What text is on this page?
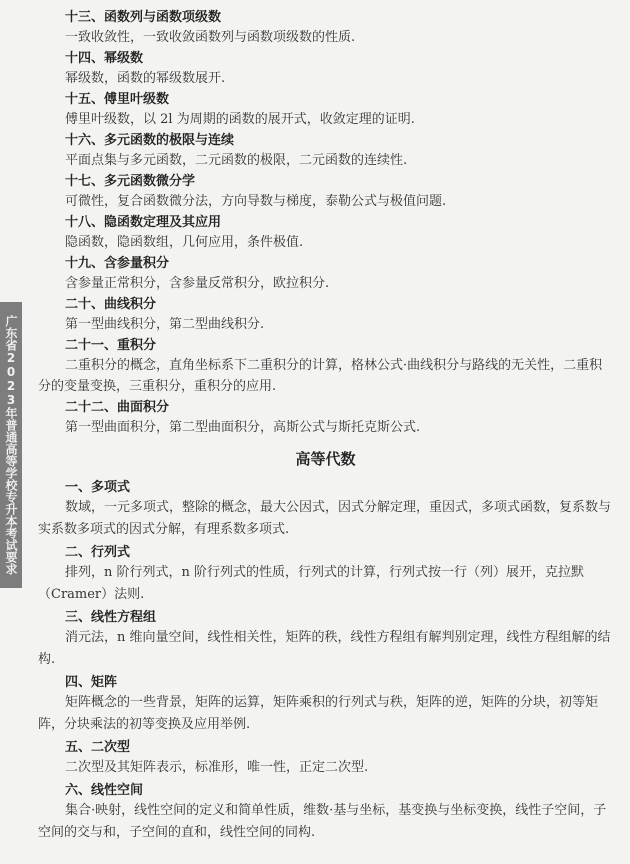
广东省2023年普通高等学校专升本考试要求
十三、函数列与函数项级数
一致收敛性，一致收敛函数列与函数项级数的性质.
十四、幂级数
幂级数，函数的幂级数展开.
十五、傅里叶级数
傅里叶级数，以 2l 为周期的函数的展开式，收敛定理的证明.
十六、多元函数的极限与连续
平面点集与多元函数，二元函数的极限，二元函数的连续性.
十七、多元函数微分学
可微性，复合函数微分法，方向导数与梯度，泰勒公式与极值问题.
十八、隐函数定理及其应用
隐函数，隐函数组，几何应用，条件极值.
十九、含参量积分
含参量正常积分，含参量反常积分，欧拉积分.
二十、曲线积分
第一型曲线积分，第二型曲线积分.
二十一、重积分
二重积分的概念，直角坐标系下二重积分的计算，格林公式·曲线积分与路线的无关性，二重积分的变量变换，三重积分，重积分的应用.
二十二、曲面积分
第一型曲面积分，第二型曲面积分，高斯公式与斯托克斯公式.
高等代数
一、多项式
数域，一元多项式，整除的概念，最大公因式，因式分解定理，重因式，多项式函数，复系数与实系数多项式的因式分解，有理系数多项式.
二、行列式
排列，n 阶行列式，n 阶行列式的性质，行列式的计算，行列式按一行（列）展开，克拉默（Cramer）法则.
三、线性方程组
消元法，n 维向量空间，线性相关性，矩阵的秩，线性方程组有解判别定理，线性方程组解的结构.
四、矩阵
矩阵概念的一些背景，矩阵的运算，矩阵乘积的行列式与秩，矩阵的逆，矩阵的分块，初等矩阵，分块乘法的初等变换及应用举例.
五、二次型
二次型及其矩阵表示，标准形，唯一性，正定二次型.
六、线性空间
集合·映射，线性空间的定义和简单性质，维数·基与坐标，基变换与坐标变换，线性子空间，子空间的交与和，子空间的直和，线性空间的同构.
